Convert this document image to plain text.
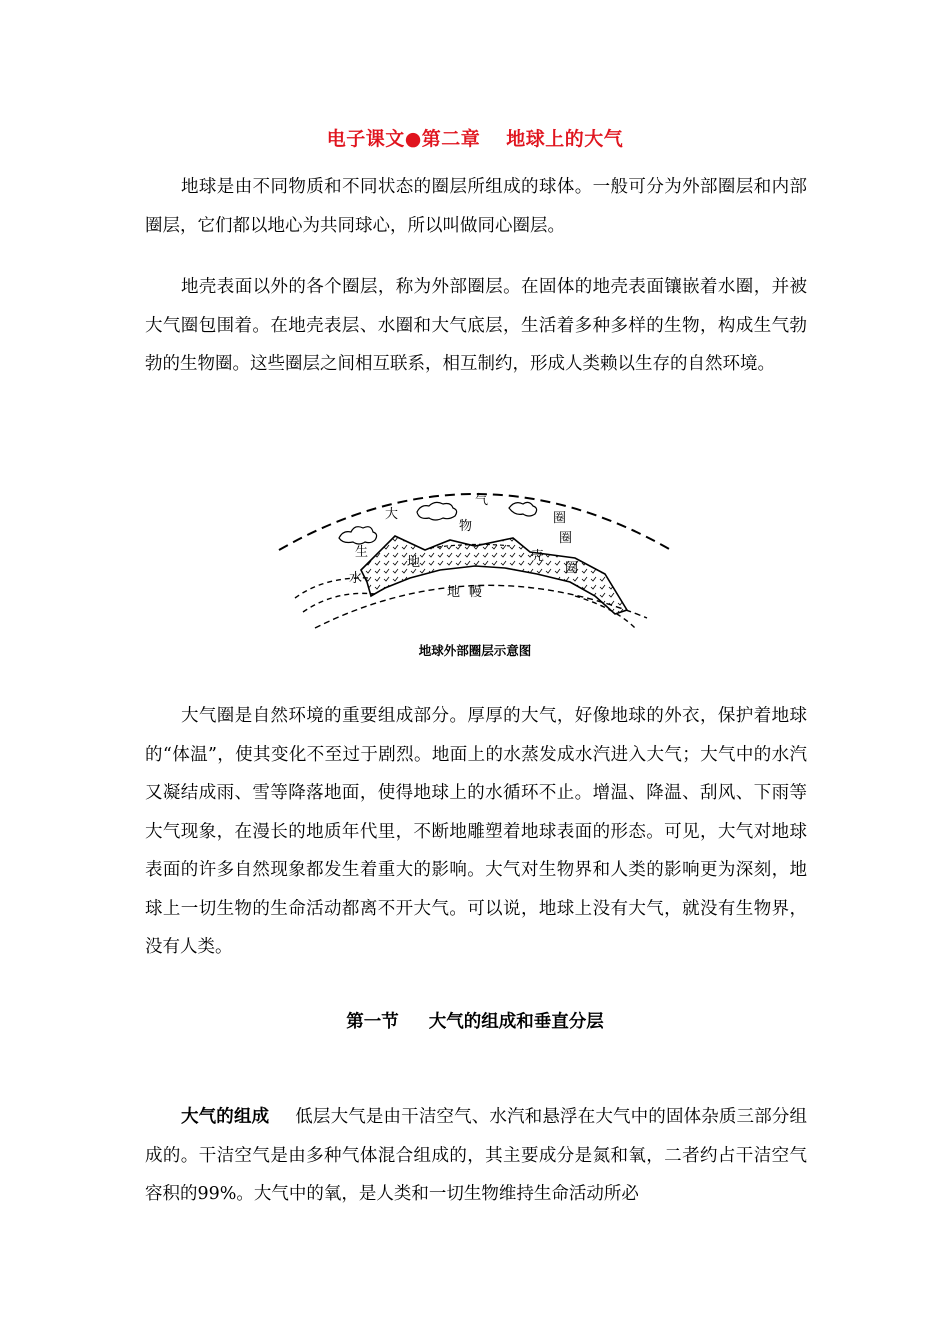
电子课文●第二章 地球上的大气

地球是由不同物质和不同状态的圈层所组成的球体。一般可分为外部圈层和内部圈层，它们都以地心为共同球心，所以叫做同心圈层。

地壳表面以外的各个圈层，称为外部圈层。在固体的地壳表面镶嵌着水圈，并被大气圈包围着。在地壳表层、水圈和大气底层，生活着多种多样的生物，构成生气勃勃的生物圈。这些圈层之间相互联系，相互制约，形成人类赖以生存的自然环境。

大
气
圈
圈
圈
物
生
水
地	壳
地 幔
地球外部圈层示意图

大气圈是自然环境的重要组成部分。厚厚的大气，好像地球的外衣，保护着地球的“体温”，使其变化不至过于剧烈。地面上的水蒸发成水汽进入大气；大气中的水汽又凝结成雨、雪等降落地面，使得地球上的水循环不止。增温、降温、刮风、下雨等大气现象，在漫长的地质年代里，不断地雕塑着地球表面的形态。可见，大气对地球表面的许多自然现象都发生着重大的影响。大气对生物界和人类的影响更为深刻，地球上一切生物的生命活动都离不开大气。可以说，地球上没有大气，就没有生物界，没有人类。

第一节 大气的组成和垂直分层

大气的组成 低层大气是由干洁空气、水汽和悬浮在大气中的固体杂质三部分组成的。干洁空气是由多种气体混合组成的，其主要成分是氮和氧，二者约占干洁空气容积的99%。大气中的氧，是人类和一切生物维持生命活动所必
